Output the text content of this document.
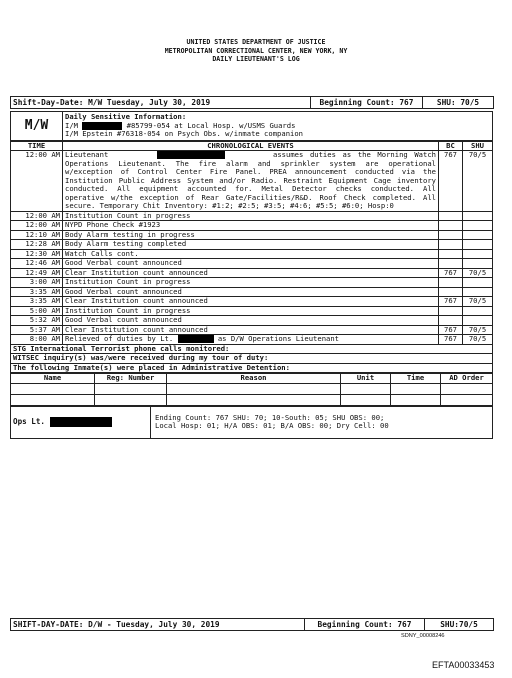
UNITED STATES DEPARTMENT OF JUSTICE
METROPOLITAN CORRECTIONAL CENTER, NEW YORK, NY
DAILY LIEUTENANT'S LOG
Shift-Day-Date: M/W Tuesday, July 30, 2019	Beginning Count: 767	SHU: 70/5
M/W	
Daily Sensitive Information:
I/M	#85799-054 at Local Hosp. w/USMS Guards
I/M Epstein #76318-054 on Psych Obs. w/inmate companion
TIME	CHRONOLOGICAL EVENTS	BC	SHU
12:00 AM	Lieutenant assumes duties as the Morning Watch
Operations Lieutenant. The fire alarm and sprinkler system are operational w/exception of Control Center Fire Panel. PREA announcement conducted via the Institution Public Address System and/or Radio. Restraint Equipment Cage inventory conducted. All equipment accounted for. Metal Detector checks conducted. All operative w/the exception of Rear Gate/Facilities/R&D. Roof Check completed. All secure. Temporary Chit Inventory: #1:2; #2:5; #3:5; #4:6; #5:5; #6:0; Hosp:0	767	70/5
12:00 AM	Institution Count in progress		
12:00 AM	NYPD Phone Check #1923		
12:10 AM	Body Alarm testing in progress		
12:28 AM	Body Alarm testing completed		
12:30 AM	Watch Calls cont.		
12:46 AM	Good Verbal count announced		
12:49 AM	Clear Institution count announced	767	70/5
3:00 AM	Institution Count in progress		
3:35 AM	Good Verbal count announced		
3:35 AM	Clear Institution count announced	767	70/5
5:00 AM	Institution Count in progress		
5:32 AM	Good Verbal count announced		
5:37 AM	Clear Institution count announced	767	70/5
8:00 AM	Relieved of duties by Lt. as D/W Operations Lieutenant	767	70/5
STG International Terrorist phone calls monitored:			
WITSEC inquiry(s) was/were received during my tour of duty:			
The following Inmate(s) were placed in Administrative Detention:			
Name	Reg: Number	Reason	Unit	Time	AD Order

Ops Lt.	Ending Count: 767 SHU: 70; 10-South: 05; SHU OBS: 00;
Local Hosp: 01; H/A OBS: 01; B/A OBS: 00; Dry Cell: 00
SHIFT-DAY-DATE: D/W - Tuesday, July 30, 2019	Beginning Count: 767	SHU:70/5
SDNY_00008246
EFTA00033453
